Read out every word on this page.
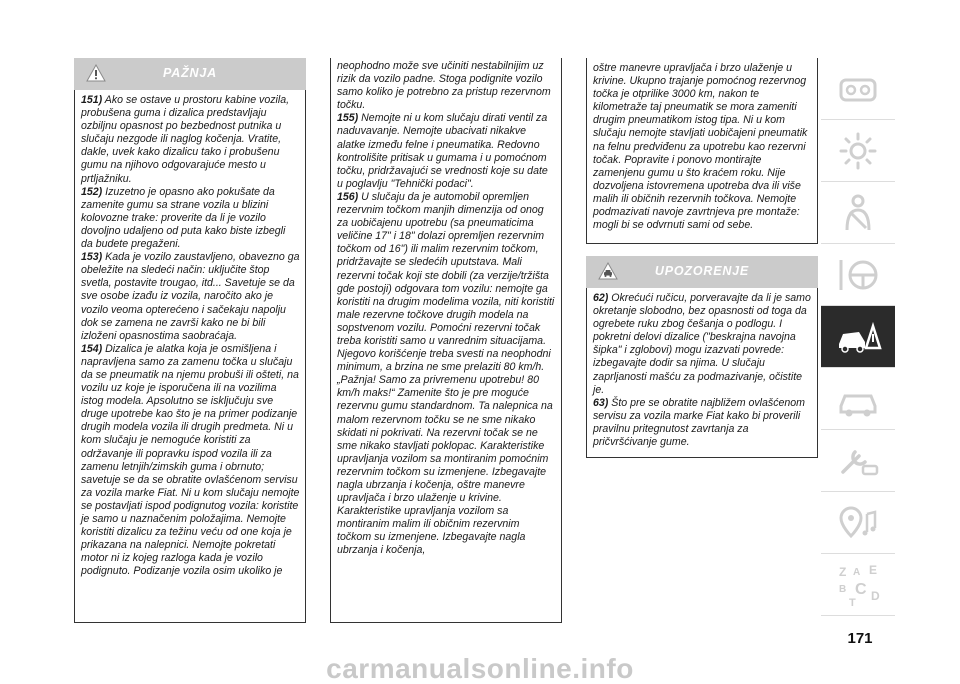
PAŽNJA

151) Ako se ostave u prostoru kabine vozila, probušena guma i dizalica predstavljaju ozbiljnu opasnost po bezbednost putnika u slučaju nezgode ili naglog kočenja. Vratite, dakle, uvek kako dizalicu tako i probušenu gumu na njihovo odgovarajuće mesto u prtljažniku.

152) Izuzetno je opasno ako pokušate da zamenite gumu sa strane vozila u blizini kolovozne trake: proverite da li je vozilo dovoljno udaljeno od puta kako biste izbegli da budete pregaženi.

153) Kada je vozilo zaustavljeno, obavezno ga obeležite na sledeći način: uključite štop svetla, postavite trougao, itd... Savetuje se da sve osobe izađu iz vozila, naročito ako je vozilo veoma opterećeno i sačekaju napolju dok se zamena ne završi kako ne bi bili izloženi opasnostima saobraćaja.

154) Dizalica je alatka koja je osmišljena i napravljena samo za zamenu točka u slučaju da se pneumatik na njemu probuši ili ošteti, na vozilu uz koje je isporučena ili na vozilima istog modela. Apsolutno se isključuju sve druge upotrebe kao što je na primer podizanje drugih modela vozila ili drugih predmeta. Ni u kom slučaju je nemoguće koristiti za održavanje ili popravku ispod vozila ili za zamenu letnjih/zimskih guma i obrnuto; savetuje se da se obratite ovlašćenom servisu za vozila marke Fiat. Ni u kom slučaju nemojte se postavljati ispod podignutog vozila: koristite je samo u naznačenim položajima. Nemojte koristiti dizalicu za težinu veću od one koja je prikazana na nalepnici. Nemojte pokretati motor ni iz kojeg razloga kada je vozilo podignuto. Podizanje vozila osim ukoliko je

neophodno može sve učiniti nestabilnijim uz rizik da vozilo padne. Stoga podignite vozilo samo koliko je potrebno za pristup rezervnom točku.

155) Nemojte ni u kom slučaju dirati ventil za naduvavanje. Nemojte ubacivati nikakve alatke između felne i pneumatika. Redovno kontrolišite pritisak u gumama i u pomoćnom točku, pridržavajući se vrednosti koje su date u poglavlju "Tehnički podaci".

156) U slučaju da je automobil opremljen rezervnim točkom manjih dimenzija od onog za uobičajenu upotrebu (sa pneumaticima veličine 17" i 18" dolazi opremljen rezervnim točkom od 16") ili malim rezervnim točkom, pridržavajte se sledećih uputstava. Mali rezervni točak koji ste dobili (za verzije/tržišta gde postoji) odgovara tom vozilu: nemojte ga koristiti na drugim modelima vozila, niti koristiti male rezervne točkove drugih modela na sopstvenom vozilu. Pomoćni rezervni točak treba koristiti samo u vanrednim situacijama. Njegovo korišćenje treba svesti na neophodni minimum, a brzina ne sme prelaziti 80 km/h. „Pažnja! Samo za privremenu upotrebu! 80 km/h maks!“ Zamenite što je pre moguće rezervnu gumu standardnom. Ta nalepnica na malom rezervnom točku se ne sme nikako skidati ni pokrivati. Na rezervni točak se ne sme nikako stavljati poklopac. Karakteristike upravljanja vozilom sa montiranim pomoćnim rezervnim točkom su izmenjene. Izbegavajte nagla ubrzanja i kočenja, oštre manevre upravljača i brzo ulaženje u krivine. Karakteristike upravljanja vozilom sa montiranim malim ili običnim rezervnim točkom su izmenjene. Izbegavajte nagla ubrzanja i kočenja,

oštre manevre upravljača i brzo ulaženje u krivine. Ukupno trajanje pomoćnog rezervnog točka je otprilike 3000 km, nakon te kilometraže taj pneumatik se mora zameniti drugim pneumatikom istog tipa. Ni u kom slučaju nemojte stavljati uobičajeni pneumatik na felnu predviđenu za upotrebu kao rezervni točak. Popravite i ponovo montirajte zamenjenu gumu u što kraćem roku. Nije dozvoljena istovremena upotreba dva ili više malih ili običnih rezervnih točkova. Nemojte podmazivati navoje zavrtnjeva pre montaže: mogli bi se odvrnuti sami od sebe.

UPOZORENJE

62) Okrećući ručicu, porveravajte da li je samo okretanje slobodno, bez opasnosti od toga da ogrebete ruku zbog češanja o podlogu. I pokretni delovi dizalice ("beskrajna navojna šipka" i zglobovi) mogu izazvati povrede: izbegavajte dodir sa njima. U slučaju zaprljanosti mašću za podmazivanje, očistite je.

63) Što pre se obratite najbližem ovlašćenom servisu za vozila marke Fiat kako bi proverili pravilnu pritegnutost zavrtanja za pričvršćivanje gume.

Z A E
B C
T D
171
carmanualsonline.info
